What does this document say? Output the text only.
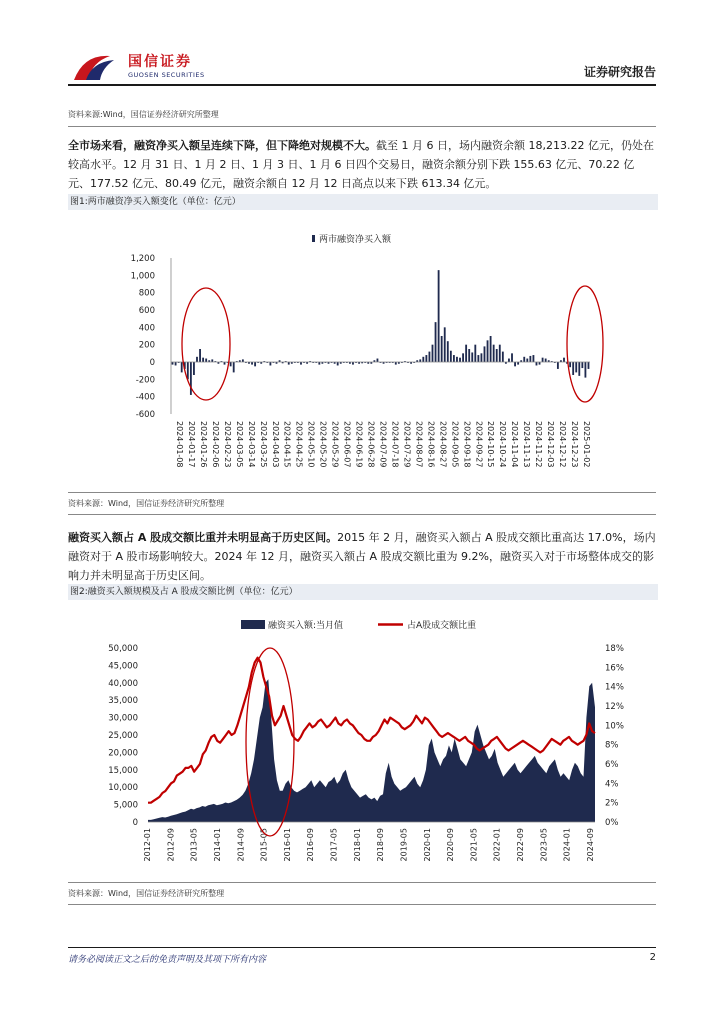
国信证券
GUOSEN SECURITIES	证券研究报告
资料来源:Wind，国信证券经济研究所整理
全市场来看，融资净买入额呈连续下降，但下降绝对规模不大。截至 1 月 6 日，场内融资余额 18,213.22 亿元，仍处在较高水平。12 月 31 日、1 月 2 日、1 月 3 日、1 月 6 日四个交易日，融资余额分别下跌 155.63 亿元、70.22 亿元、177.52 亿元、80.49 亿元，融资余额自 12 月 12 日高点以来下跌 613.34 亿元。
图1:两市融资净买入额变化（单位：亿元）
1,200
1,000
800
600
400
200
0
-200
-400
-600
2024-01-08 2024-01-17 2024-01-26 2024-02-06 2024-02-23 2024-03-05 2024-03-14 2024-03-25 2024-04-03 2024-04-15 2024-04-25 2024-05-10 2024-05-20 2024-05-29 2024-06-07 2024-06-19 2024-06-28 2024-07-09 2024-07-18 2024-07-29 2024-08-07 2024-08-16 2024-08-27 2024-09-05 2024-09-18 2024-09-27 2024-10-15 2024-10-24 2024-11-04 2024-11-13 2024-11-22 2024-12-03 2024-12-12 2024-12-23 2025-01-02
两市融资净买入额
资料来源：Wind，国信证券经济研究所整理
融资买入额占 A 股成交额比重并未明显高于历史区间。2015 年 2 月，融资买入额占 A 股成交额比重高达 17.0%，场内融资对于 A 股市场影响较大。2024 年 12 月，融资买入额占 A 股成交额比重为 9.2%，融资买入对于市场整体成交的影响力并未明显高于历史区间。
图2:融资买入额规模及占 A 股成交额比例（单位：亿元）
50,000
45,000
40,000
35,000
30,000
25,000
20,000
15,000
10,000
5,000
0
18%
16%
14%
12%
10%
8%
6%
4%
2%
0%
2012-01 2012-09 2013-05 2014-01 2014-09 2015-05 2016-01 2016-09 2017-05 2018-01 2018-09 2019-05 2020-01 2020-09 2021-05 2022-01 2022-09 2023-05 2024-01 2024-09
融资买入额:当月值	占A股成交额比重
资料来源：Wind，国信证券经济研究所整理
请务必阅读正文之后的免责声明及其项下所有内容	2
